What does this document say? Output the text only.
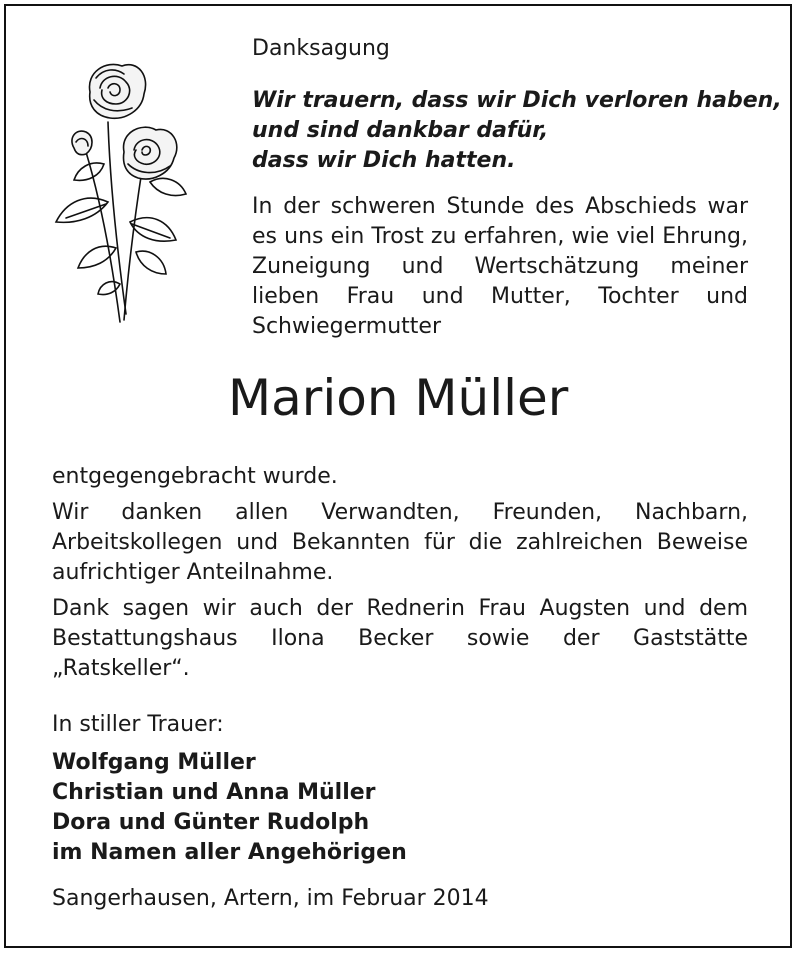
Danksagung
Wir trauern, dass wir Dich verloren haben,
und sind dankbar dafür,
dass wir Dich hatten.

In der schweren Stunde des Abschieds war es uns ein Trost zu erfahren, wie viel Ehrung, Zuneigung und Wertschätzung meiner lieben Frau und Mutter, Tochter und Schwiegermutter

Marion Müller

entgegengebracht wurde.

Wir danken allen Verwandten, Freunden, Nachbarn, Arbeitskollegen und Bekannten für die zahlreichen Beweise aufrichtiger Anteilnahme.

Dank sagen wir auch der Rednerin Frau Augsten und dem Bestattungshaus Ilona Becker sowie der Gaststätte „Ratskeller“.

In stiller Trauer:

Wolfgang Müller
Christian und Anna Müller
Dora und Günter Rudolph
im Namen aller Angehörigen

Sangerhausen, Artern, im Februar 2014
